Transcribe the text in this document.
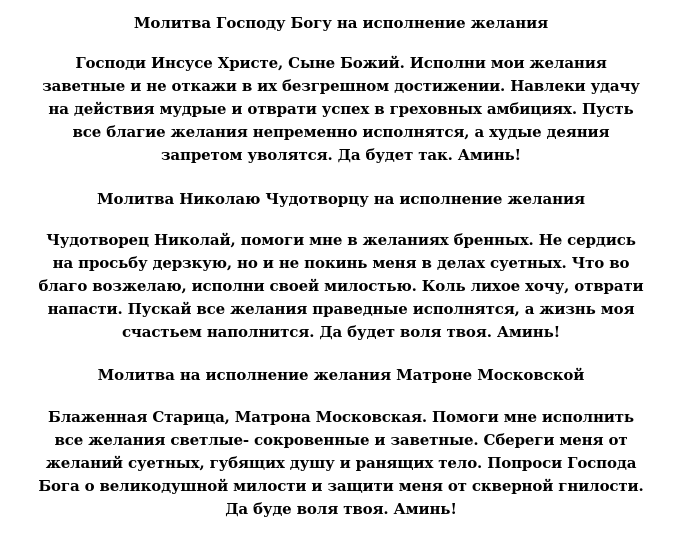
Молитва Господу Богу на исполнение желания
Господи Инсусе Христе, Сыне Божий. Исполни мои желания
заветные и не откажи в их безгрешном достижении. Навлеки удачу
на действия мудрые и отврати успех в греховных амбициях. Пусть
все благие желания непременно исполнятся, а худые деяния
запретом уволятся. Да будет так. Аминь!
Молитва Николаю Чудотворцу на исполнение желания
Чудотворец Николай, помоги мне в желаниях бренных. Не сердись
на просьбу дерзкую, но и не покинь меня в делах суетных. Что во
благо возжелаю, исполни своей милостью. Коль лихое хочу, отврати
напасти. Пускай все желания праведные исполнятся, а жизнь моя
счастьем наполнится. Да будет воля твоя. Аминь!
Молитва на исполнение желания Матроне Московской
Блаженная Старица, Матрона Московская. Помоги мне исполнить
все желания светлые- сокровенные и заветные. Сбереги меня от
желаний суетных, губящих душу и ранящих тело. Попроси Господа
Бога о великодушной милости и защити меня от скверной гнилости.
Да буде воля твоя. Аминь!
